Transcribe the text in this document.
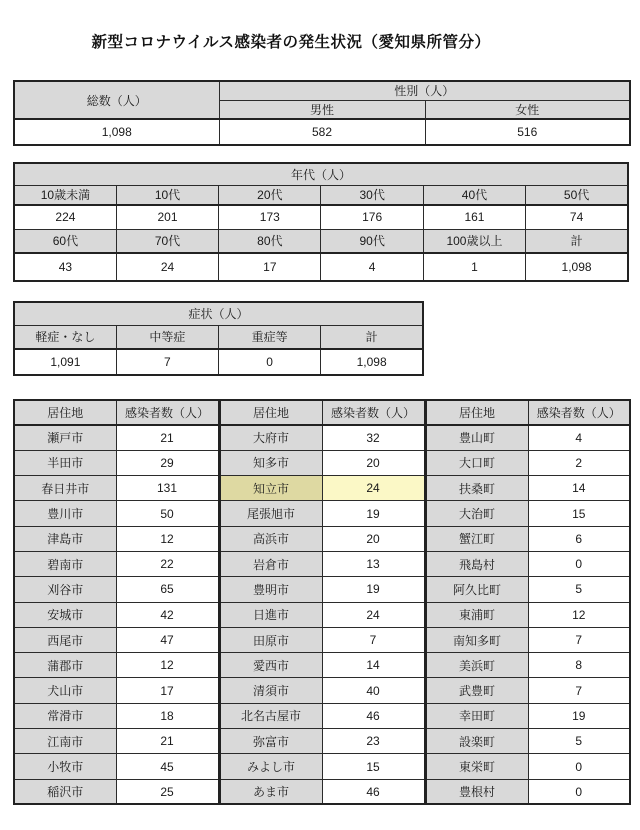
新型コロナウイルス感染者の発生状況（愛知県所管分）
総数（人）	性別（人）	
	男性	女性
1,098	582	516
年代（人）					
10歳未満	10代	20代	30代	40代	50代
224	201	173	176	161	74
60代	70代	80代	90代	100歳以上	計
43	24	17	4	1	1,098
症状（人）			
軽症・なし	中等症	重症等	計
1,091	7	0	1,098
居住地	感染者数（人）	居住地	感染者数（人）	居住地	感染者数（人）
瀬戸市	21	大府市	32	豊山町	4
半田市	29	知多市	20	大口町	2
春日井市	131	知立市	24	扶桑町	14
豊川市	50	尾張旭市	19	大治町	15
津島市	12	高浜市	20	蟹江町	6
碧南市	22	岩倉市	13	飛島村	0
刈谷市	65	豊明市	19	阿久比町	5
安城市	42	日進市	24	東浦町	12
西尾市	47	田原市	7	南知多町	7
蒲郡市	12	愛西市	14	美浜町	8
犬山市	17	清須市	40	武豊町	7
常滑市	18	北名古屋市	46	幸田町	19
江南市	21	弥富市	23	設楽町	5
小牧市	45	みよし市	15	東栄町	0
稲沢市	25	あま市	46	豊根村	0
